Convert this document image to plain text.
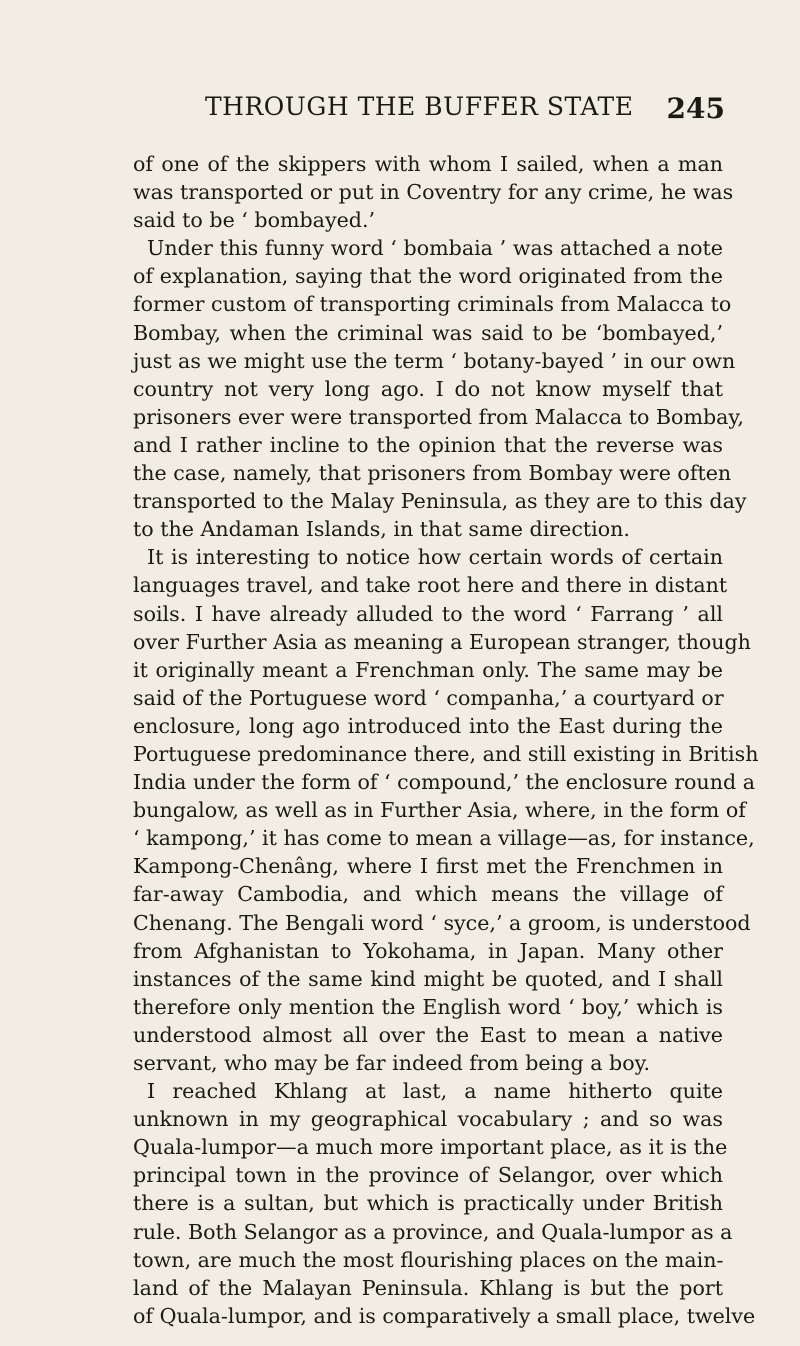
THROUGH THE BUFFER STATE 245
of one of the skippers with whom I sailed, when a man
was transported or put in Coventry for any crime, he was
said to be ‘ bombayed.’
Under this funny word ‘ bombaia ’ was attached a note
of explanation, saying that the word originated from the
former custom of transporting criminals from Malacca to
Bombay, when the criminal was said to be ‘bombayed,’
just as we might use the term ‘ botany-bayed ’ in our own
country not very long ago. I do not know myself that
prisoners ever were transported from Malacca to Bombay,
and I rather incline to the opinion that the reverse was
the case, namely, that prisoners from Bombay were often
transported to the Malay Peninsula, as they are to this day
to the Andaman Islands, in that same direction.
It is interesting to notice how certain words of certain
languages travel, and take root here and there in distant
soils. I have already alluded to the word ‘ Farrang ’ all
over Further Asia as meaning a European stranger, though
it originally meant a Frenchman only. The same may be
said of the Portuguese word ‘ companha,’ a courtyard or
enclosure, long ago introduced into the East during the
Portuguese predominance there, and still existing in British
India under the form of ‘ compound,’ the enclosure round a
bungalow, as well as in Further Asia, where, in the form of
‘ kampong,’ it has come to mean a village—as, for instance,
Kampong-Chenâng, where I first met the Frenchmen in
far-away Cambodia, and which means the village of
Chenang. The Bengali word ‘ syce,’ a groom, is understood
from Afghanistan to Yokohama, in Japan. Many other
instances of the same kind might be quoted, and I shall
therefore only mention the English word ‘ boy,’ which is
understood almost all over the East to mean a native
servant, who may be far indeed from being a boy.
I reached Khlang at last, a name hitherto quite
unknown in my geographical vocabulary ; and so was
Quala-lumpor—a much more important place, as it is the
principal town in the province of Selangor, over which
there is a sultan, but which is practically under British
rule. Both Selangor as a province, and Quala-lumpor as a
town, are much the most flourishing places on the main-
land of the Malayan Peninsula. Khlang is but the port
of Quala-lumpor, and is comparatively a small place, twelve
